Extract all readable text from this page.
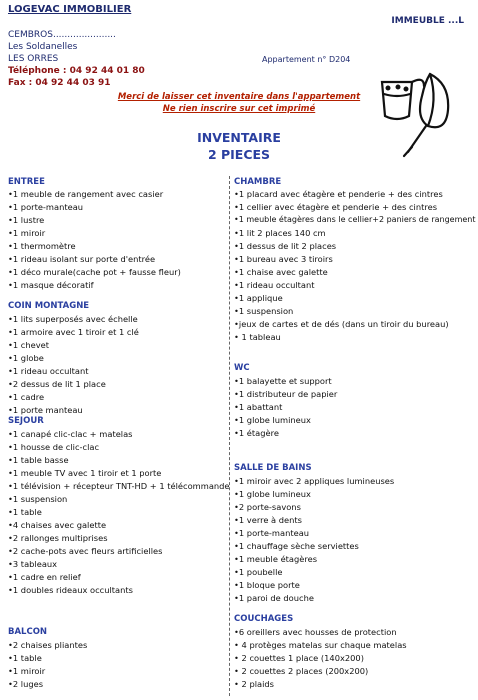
LOGEVAC IMMOBILIER
IMMEUBLE ...L
CEMBROS......................
Les Soldanelles
LES ORRES
Téléphone : 04 92 44 01 80
Fax : 04 92 44 03 91
Appartement n° D204
Merci de laisser cet inventaire dans l'appartement
Ne rien inscrire sur cet imprimé
INVENTAIRE
2 PIECES
ENTREE
•1 meuble de rangement avec casier
•1 porte-manteau
•1 lustre
•1 miroir
•1 thermomètre
•1 rideau isolant sur porte d'entrée
•1 déco murale(cache pot + fausse fleur)
•1 masque décoratif
COIN MONTAGNE
•1 lits superposés avec échelle
•1 armoire avec 1 tiroir et 1 clé
•1 chevet
•1 globe
•1 rideau occultant
•2 dessus de lit 1 place
•1 cadre
•1 porte manteau
SEJOUR
•1 canapé clic-clac + matelas
•1 housse de clic-clac
•1 table basse
•1 meuble TV avec 1 tiroir et 1 porte
•1 télévision + récepteur TNT-HD + 1 télécommande
•1 suspension
•1 table
•4 chaises avec galette
•2 rallonges multiprises
•2 cache-pots avec fleurs artificielles
•3 tableaux
•1 cadre en relief
•1 doubles rideaux occultants
BALCON
•2 chaises pliantes
•1 table
•1 miroir
•2 luges
CHAMBRE
•1 placard avec étagère et penderie + des cintres
•1 cellier avec étagère et penderie + des cintres
•1 meuble étagères dans le cellier+2 paniers de rangement
•1 lit 2 places 140 cm
•1 dessus de lit 2 places
•1 bureau avec 3 tiroirs
•1 chaise avec galette
•1 rideau occultant
•1 applique
•1 suspension
•jeux de cartes et de dés (dans un tiroir du bureau)
• 1 tableau
WC
•1 balayette et support
•1 distributeur de papier
•1 abattant
•1 globe lumineux
•1 étagère
SALLE DE BAINS
•1 miroir avec 2 appliques lumineuses
•1 globe lumineux
•2 porte-savons
•1 verre à dents
•1 porte-manteau
•1 chauffage sèche serviettes
•1 meuble étagères
•1 poubelle
•1 bloque porte
•1 paroi de douche
COUCHAGES
•6 oreillers avec housses de protection
• 4 protèges matelas sur chaque matelas
• 2 couettes 1 place (140x200)
• 2 couettes 2 places (200x200)
• 2 plaids
